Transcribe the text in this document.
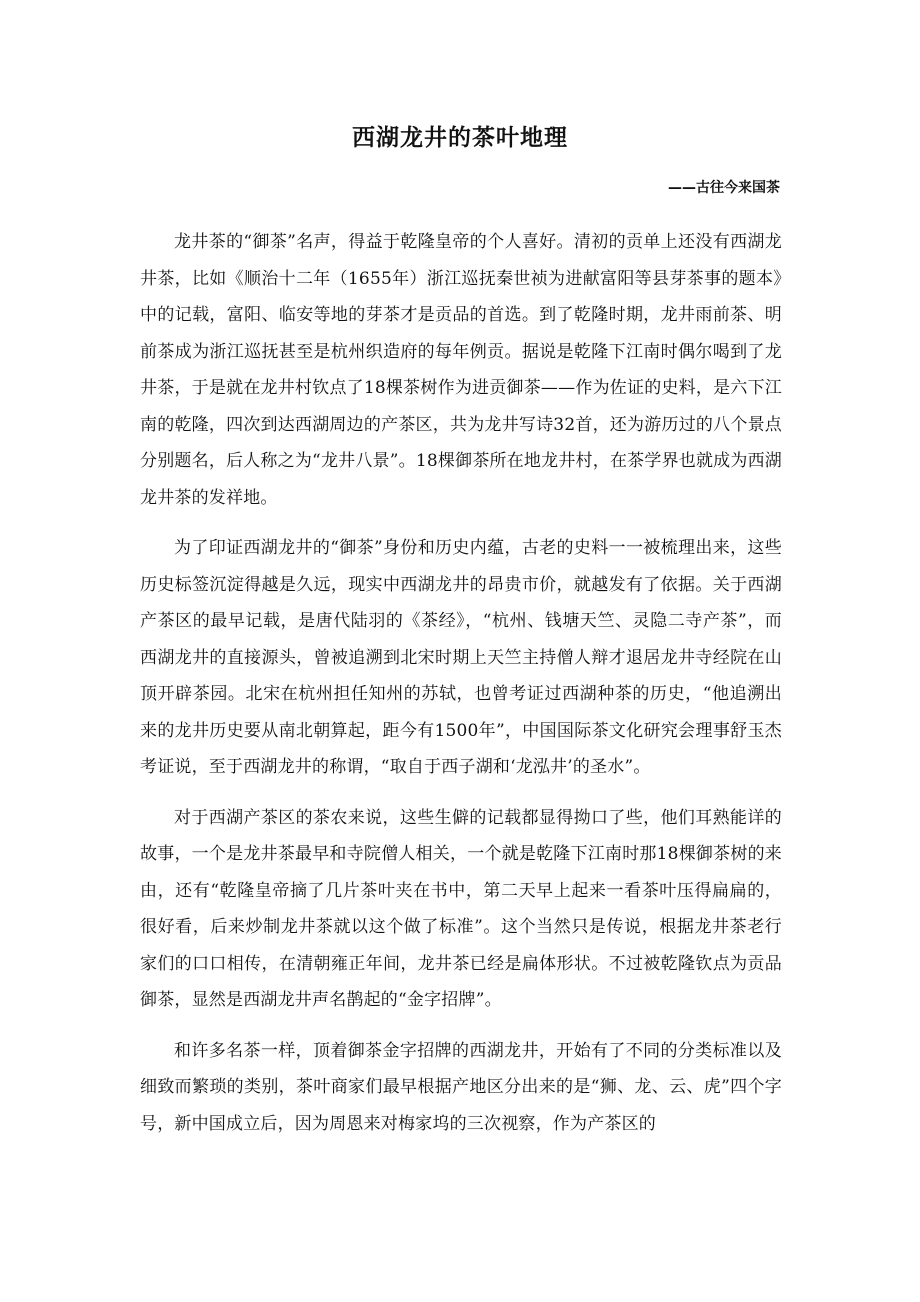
西湖龙井的茶叶地理
——古往今来国茶

龙井茶的“御茶”名声，得益于乾隆皇帝的个人喜好。清初的贡单上还没有西湖龙井茶，比如《顺治十二年（1655年）浙江巡抚秦世祯为进献富阳等县芽茶事的题本》中的记载，富阳、临安等地的芽茶才是贡品的首选。到了乾隆时期，龙井雨前茶、明前茶成为浙江巡抚甚至是杭州织造府的每年例贡。据说是乾隆下江南时偶尔喝到了龙井茶，于是就在龙井村钦点了18棵茶树作为进贡御茶——作为佐证的史料，是六下江南的乾隆，四次到达西湖周边的产茶区，共为龙井写诗32首，还为游历过的八个景点分别题名，后人称之为“龙井八景”。18棵御茶所在地龙井村，在茶学界也就成为西湖龙井茶的发祥地。

为了印证西湖龙井的“御茶”身份和历史内蕴，古老的史料一一被梳理出来，这些历史标签沉淀得越是久远，现实中西湖龙井的昂贵市价，就越发有了依据。关于西湖产茶区的最早记载，是唐代陆羽的《茶经》，“杭州、钱塘天竺、灵隐二寺产茶”，而西湖龙井的直接源头，曾被追溯到北宋时期上天竺主持僧人辩才退居龙井寺经院在山顶开辟茶园。北宋在杭州担任知州的苏轼，也曾考证过西湖种茶的历史，“他追溯出来的龙井历史要从南北朝算起，距今有1500年”，中国国际茶文化研究会理事舒玉杰考证说，至于西湖龙井的称谓，“取自于西子湖和‘龙泓井’的圣水”。

对于西湖产茶区的茶农来说，这些生僻的记载都显得拗口了些，他们耳熟能详的故事，一个是龙井茶最早和寺院僧人相关，一个就是乾隆下江南时那18棵御茶树的来由，还有“乾隆皇帝摘了几片茶叶夹在书中，第二天早上起来一看茶叶压得扁扁的，很好看，后来炒制龙井茶就以这个做了标准”。这个当然只是传说，根据龙井茶老行家们的口口相传，在清朝雍正年间，龙井茶已经是扁体形状。不过被乾隆钦点为贡品御茶，显然是西湖龙井声名鹊起的“金字招牌”。

和许多名茶一样，顶着御茶金字招牌的西湖龙井，开始有了不同的分类标准以及细致而繁琐的类别，茶叶商家们最早根据产地区分出来的是“狮、龙、云、虎”四个字号，新中国成立后，因为周恩来对梅家坞的三次视察，作为产茶区的
